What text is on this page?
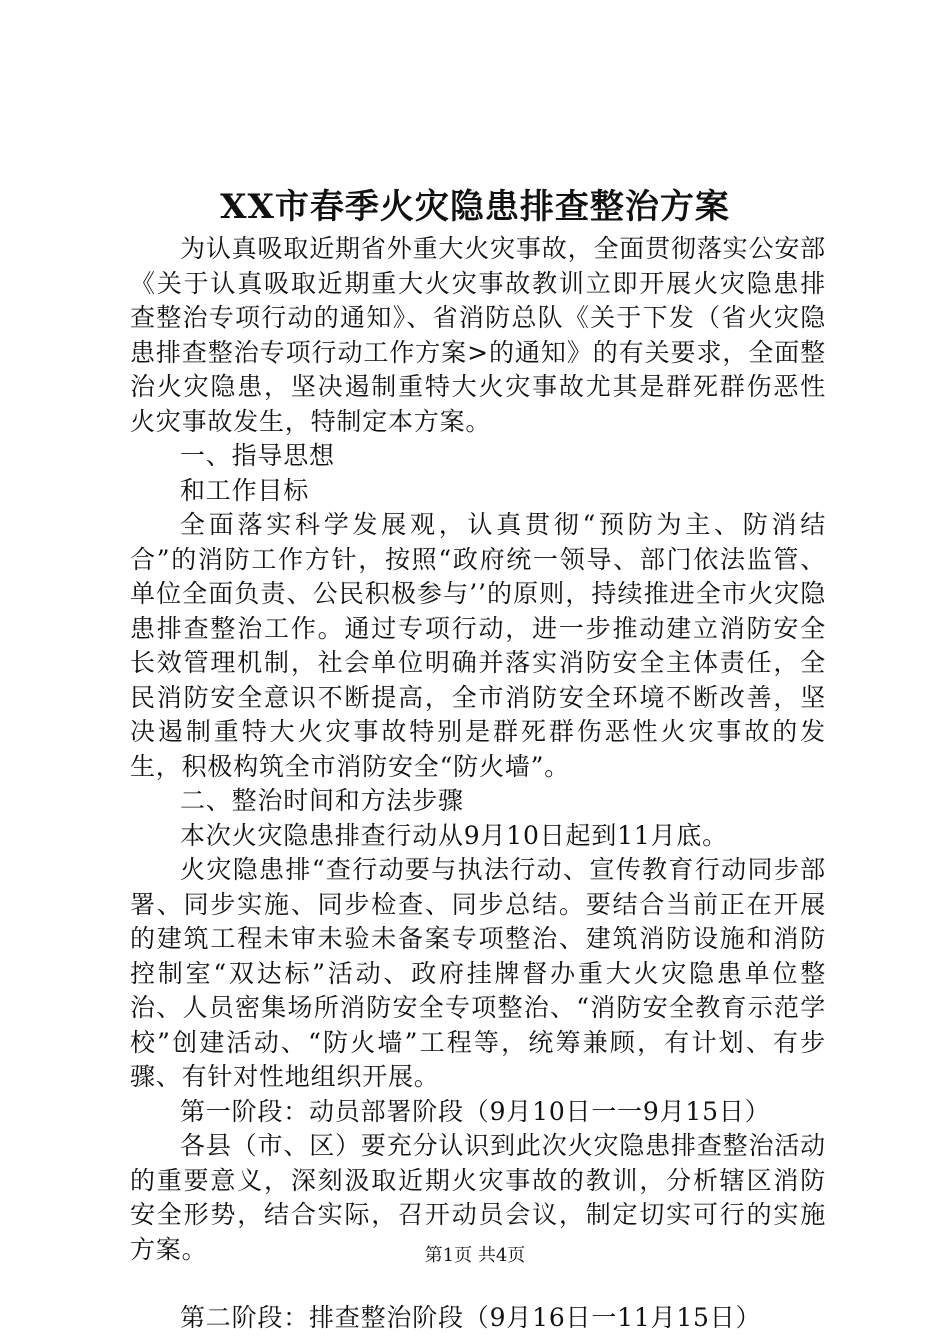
XX市春季火灾隐患排查整治方案

为认真吸取近期省外重大火灾事故，全面贯彻落实公安部《关于认真吸取近期重大火灾事故教训立即开展火灾隐患排查整治专项行动的通知》、省消防总队《关于下发（省火灾隐患排查整治专项行动工作方案>的通知》的有关要求，全面整治火灾隐患，坚决遏制重特大火灾事故尤其是群死群伤恶性火灾事故发生，特制定本方案。

一、指导思想

和工作目标

全面落实科学发展观，认真贯彻“预防为主、防消结合”的消防工作方针，按照“政府统一领导、部门依法监管、单位全面负责、公民积极参与’’的原则，持续推进全市火灾隐患排查整治工作。通过专项行动，进一步推动建立消防安全长效管理机制，社会单位明确并落实消防安全主体责任，全民消防安全意识不断提高，全市消防安全环境不断改善，坚决遏制重特大火灾事故特别是群死群伤恶性火灾事故的发生，积极构筑全市消防安全“防火墙”。

二、整治时间和方法步骤

本次火灾隐患排查行动从9月10日起到11月底。

火灾隐患排“查行动要与执法行动、宣传教育行动同步部署、同步实施、同步检查、同步总结。要结合当前正在开展的建筑工程未审未验未备案专项整治、建筑消防设施和消防控制室“双达标”活动、政府挂牌督办重大火灾隐患单位整治、人员密集场所消防安全专项整治、“消防安全教育示范学校”创建活动、“防火墙”工程等，统筹兼顾，有计划、有步骤、有针对性地组织开展。

第一阶段：动员部署阶段（9月10日一一9月15日）

各县（市、区）要充分认识到此次火灾隐患排查整治活动的重要意义，深刻汲取近期火灾事故的教训，分析辖区消防安全形势，结合实际，召开动员会议，制定切实可行的实施方案。

第二阶段：排查整治阶段（9月16日一11月15日）

第1页 共4页
